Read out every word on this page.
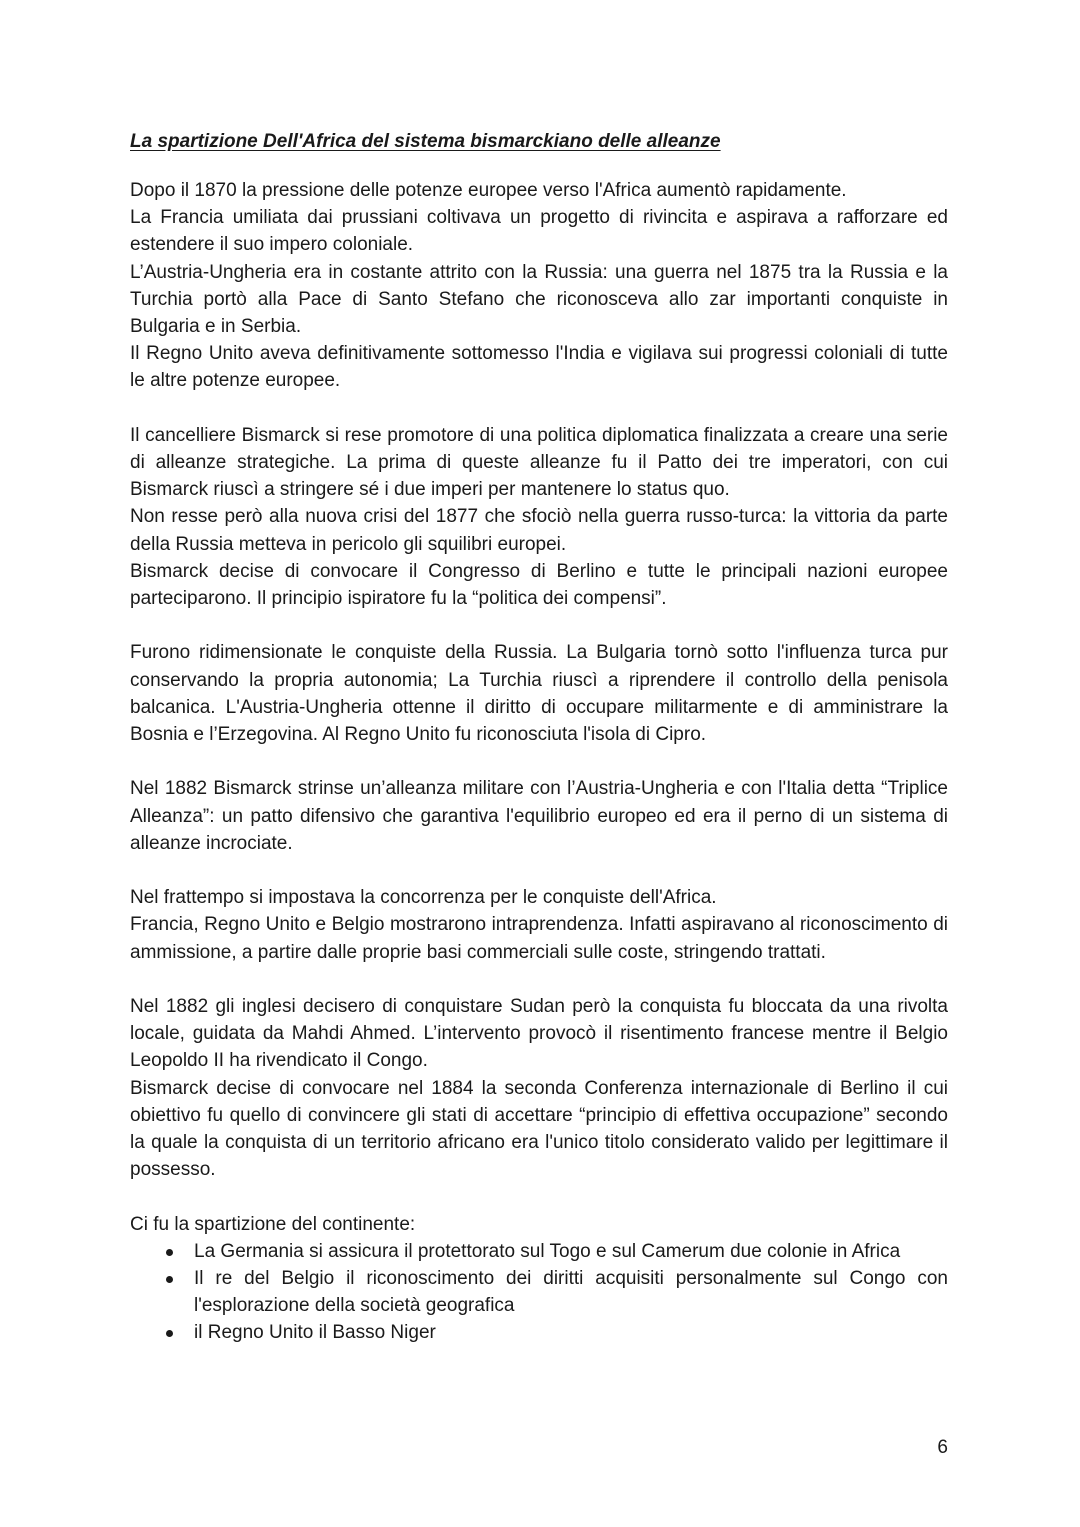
La spartizione Dell'Africa del sistema bismarckiano delle alleanze

Dopo il 1870 la pressione delle potenze europee verso l'Africa aumentò rapidamente.

La Francia umiliata dai prussiani coltivava un progetto di rivincita e aspirava a rafforzare ed estendere il suo impero coloniale.

L’Austria-Ungheria era in costante attrito con la Russia: una guerra nel 1875 tra la Russia e la Turchia portò alla Pace di Santo Stefano che riconosceva allo zar importanti conquiste in Bulgaria e in Serbia.

Il Regno Unito aveva definitivamente sottomesso l'India e vigilava sui progressi coloniali di tutte le altre potenze europee.

Il cancelliere Bismarck si rese promotore di una politica diplomatica finalizzata a creare una serie di alleanze strategiche. La prima di queste alleanze fu il Patto dei tre imperatori, con cui Bismarck riuscì a stringere sé i due imperi per mantenere lo status quo.

Non resse però alla nuova crisi del 1877 che sfociò nella guerra russo-turca: la vittoria da parte della Russia metteva in pericolo gli squilibri europei.

Bismarck decise di convocare il Congresso di Berlino e tutte le principali nazioni europee parteciparono. Il principio ispiratore fu la “politica dei compensi”.

Furono ridimensionate le conquiste della Russia. La Bulgaria tornò sotto l'influenza turca pur conservando la propria autonomia; La Turchia riuscì a riprendere il controllo della penisola balcanica. L'Austria-Ungheria ottenne il diritto di occupare militarmente e di amministrare la Bosnia e l’Erzegovina. Al Regno Unito fu riconosciuta l'isola di Cipro.

Nel 1882 Bismarck strinse un’alleanza militare con l’Austria-Ungheria e con l'Italia detta “Triplice Alleanza”: un patto difensivo che garantiva l'equilibrio europeo ed era il perno di un sistema di alleanze incrociate.

Nel frattempo si impostava la concorrenza per le conquiste dell'Africa.

Francia, Regno Unito e Belgio mostrarono intraprendenza. Infatti aspiravano al riconoscimento di ammissione, a partire dalle proprie basi commerciali sulle coste, stringendo trattati.

Nel 1882 gli inglesi decisero di conquistare Sudan però la conquista fu bloccata da una rivolta locale, guidata da Mahdi Ahmed. L’intervento provocò il risentimento francese mentre il Belgio Leopoldo II ha rivendicato il Congo.

Bismarck decise di convocare nel 1884 la seconda Conferenza internazionale di Berlino il cui obiettivo fu quello di convincere gli stati di accettare “principio di effettiva occupazione” secondo la quale la conquista di un territorio africano era l'unico titolo considerato valido per legittimare il possesso.

Ci fu la spartizione del continente:

La Germania si assicura il protettorato sul Togo e sul Camerum due colonie in Africa
Il re del Belgio il riconoscimento dei diritti acquisiti personalmente sul Congo con l'esplorazione della società geografica
il Regno Unito il Basso Niger
6
